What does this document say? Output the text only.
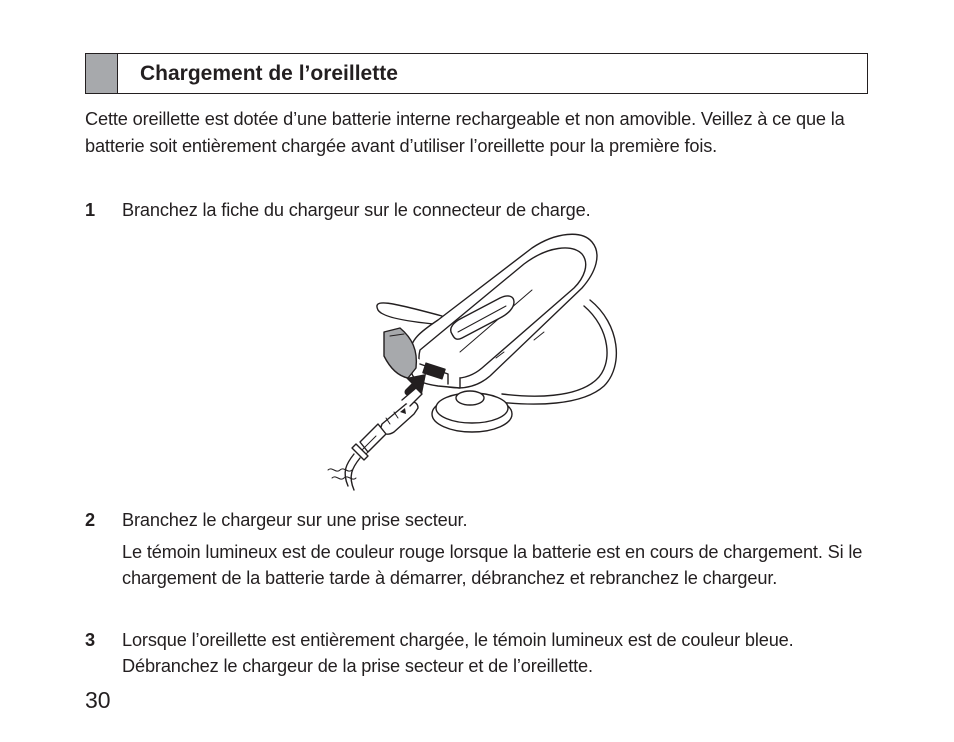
Chargement de l’oreillette
Cette oreillette est dotée d’une batterie interne rechargeable et non amovible. Veillez à ce que la batterie soit entièrement chargée avant d’utiliser l’oreillette pour la première fois.
1 Branchez la fiche du chargeur sur le connecteur de charge.

2 Branchez le chargeur sur une prise secteur.

Le témoin lumineux est de couleur rouge lorsque la batterie est en cours de chargement. Si le chargement de la batterie tarde à démarrer, débranchez et rebranchez le chargeur.

3 Lorsque l’oreillette est entièrement chargée, le témoin lumineux est de couleur bleue. Débranchez le chargeur de la prise secteur et de l’oreillette.

30
